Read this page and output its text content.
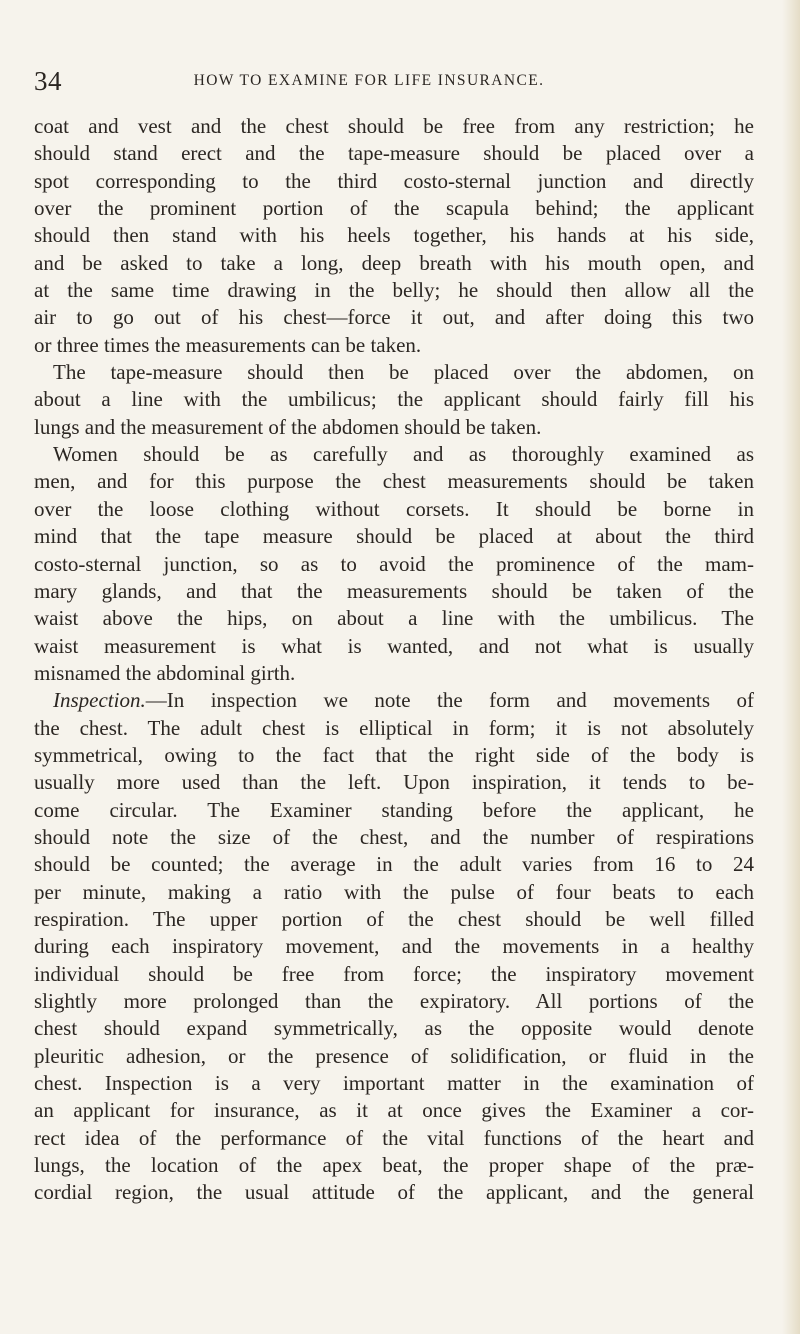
34	HOW TO EXAMINE FOR LIFE INSURANCE.
coat and vest and the chest should be free from any restriction; he
should stand erect and the tape-measure should be placed over a
spot corresponding to the third costo-sternal junction and directly
over the prominent portion of the scapula behind; the applicant
should then stand with his heels together, his hands at his side,
and be asked to take a long, deep breath with his mouth open, and
at the same time drawing in the belly; he should then allow all the
air to go out of his chest—force it out, and after doing this two
or three times the measurements can be taken.
The tape-measure should then be placed over the abdomen, on
about a line with the umbilicus; the applicant should fairly fill his
lungs and the measurement of the abdomen should be taken.
Women should be as carefully and as thoroughly examined as
men, and for this purpose the chest measurements should be taken
over the loose clothing without corsets. It should be borne in
mind that the tape measure should be placed at about the third
costo-sternal junction, so as to avoid the prominence of the mam-
mary glands, and that the measurements should be taken of the
waist above the hips, on about a line with the umbilicus. The
waist measurement is what is wanted, and not what is usually
misnamed the abdominal girth.
Inspection.—In inspection we note the form and movements of
the chest. The adult chest is elliptical in form; it is not absolutely
symmetrical, owing to the fact that the right side of the body is
usually more used than the left. Upon inspiration, it tends to be-
come circular. The Examiner standing before the applicant, he
should note the size of the chest, and the number of respirations
should be counted; the average in the adult varies from 16 to 24
per minute, making a ratio with the pulse of four beats to each
respiration. The upper portion of the chest should be well filled
during each inspiratory movement, and the movements in a healthy
individual should be free from force; the inspiratory movement
slightly more prolonged than the expiratory. All portions of the
chest should expand symmetrically, as the opposite would denote
pleuritic adhesion, or the presence of solidification, or fluid in the
chest. Inspection is a very important matter in the examination of
an applicant for insurance, as it at once gives the Examiner a cor-
rect idea of the performance of the vital functions of the heart and
lungs, the location of the apex beat, the proper shape of the præ-
cordial region, the usual attitude of the applicant, and the general
